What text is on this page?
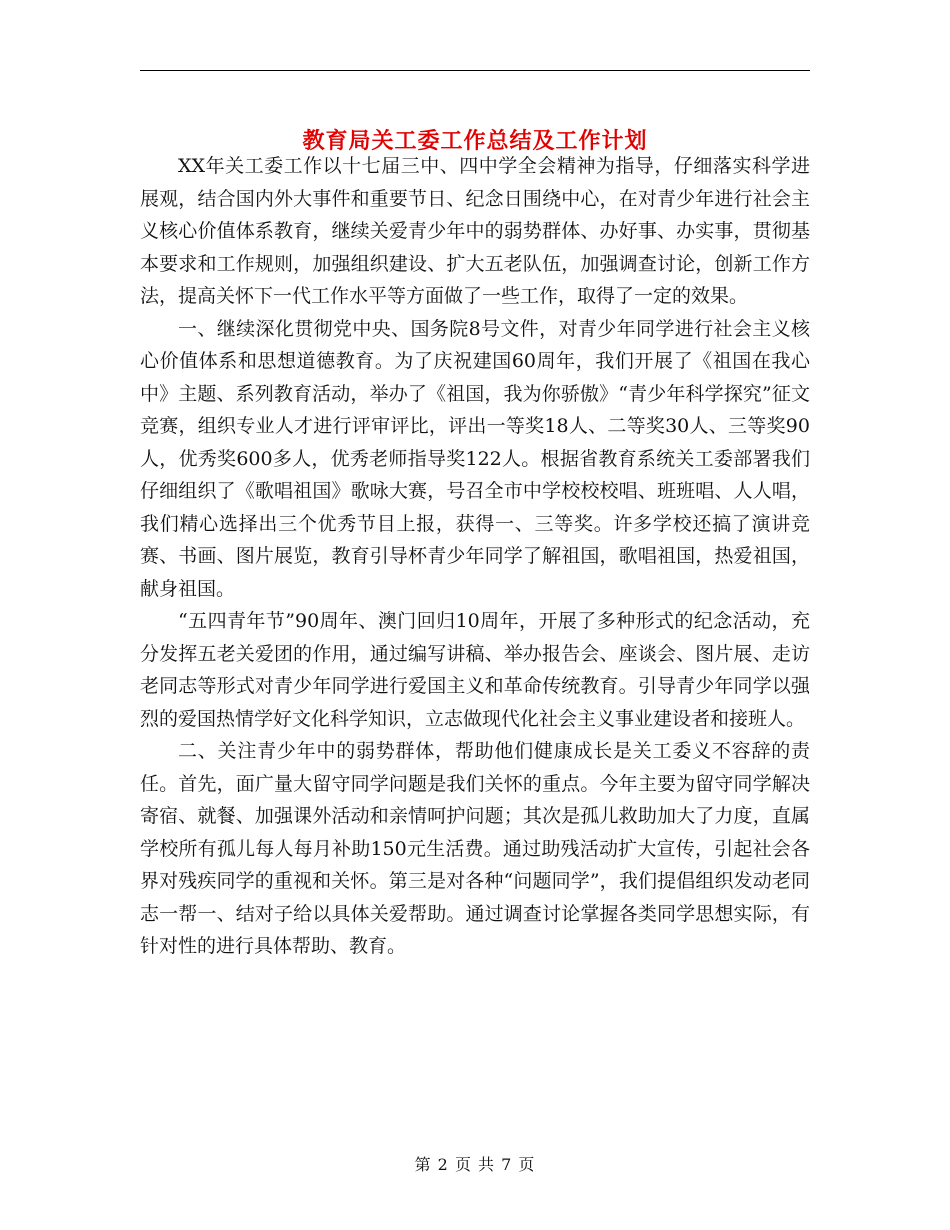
教育局关工委工作总结及工作计划

XX年关工委工作以十七届三中、四中学全会精神为指导，仔细落实科学进展观，结合国内外大事件和重要节日、纪念日围绕中心，在对青少年进行社会主义核心价值体系教育，继续关爱青少年中的弱势群体、办好事、办实事，贯彻基本要求和工作规则，加强组织建设、扩大五老队伍，加强调查讨论，创新工作方法，提高关怀下一代工作水平等方面做了一些工作，取得了一定的效果。

一、继续深化贯彻党中央、国务院8号文件，对青少年同学进行社会主义核心价值体系和思想道德教育。为了庆祝建国60周年，我们开展了《祖国在我心中》主题、系列教育活动，举办了《祖国，我为你骄傲》“青少年科学探究”征文竞赛，组织专业人才进行评审评比，评出一等奖18人、二等奖30人、三等奖90人，优秀奖600多人，优秀老师指导奖122人。根据省教育系统关工委部署我们仔细组织了《歌唱祖国》歌咏大赛，号召全市中学校校校唱、班班唱、人人唱，我们精心选择出三个优秀节目上报，获得一、三等奖。许多学校还搞了演讲竞赛、书画、图片展览，教育引导杯青少年同学了解祖国，歌唱祖国，热爱祖国，献身祖国。

“五四青年节”90周年、澳门回归10周年，开展了多种形式的纪念活动，充分发挥五老关爱团的作用，通过编写讲稿、举办报告会、座谈会、图片展、走访老同志等形式对青少年同学进行爱国主义和革命传统教育。引导青少年同学以强烈的爱国热情学好文化科学知识，立志做现代化社会主义事业建设者和接班人。

二、关注青少年中的弱势群体，帮助他们健康成长是关工委义不容辞的责任。首先，面广量大留守同学问题是我们关怀的重点。今年主要为留守同学解决寄宿、就餐、加强课外活动和亲情呵护问题；其次是孤儿救助加大了力度，直属学校所有孤儿每人每月补助150元生活费。通过助残活动扩大宣传，引起社会各界对残疾同学的重视和关怀。第三是对各种“问题同学”，我们提倡组织发动老同志一帮一、结对子给以具体关爱帮助。通过调查讨论掌握各类同学思想实际，有针对性的进行具体帮助、教育。

第 2 页 共 7 页
